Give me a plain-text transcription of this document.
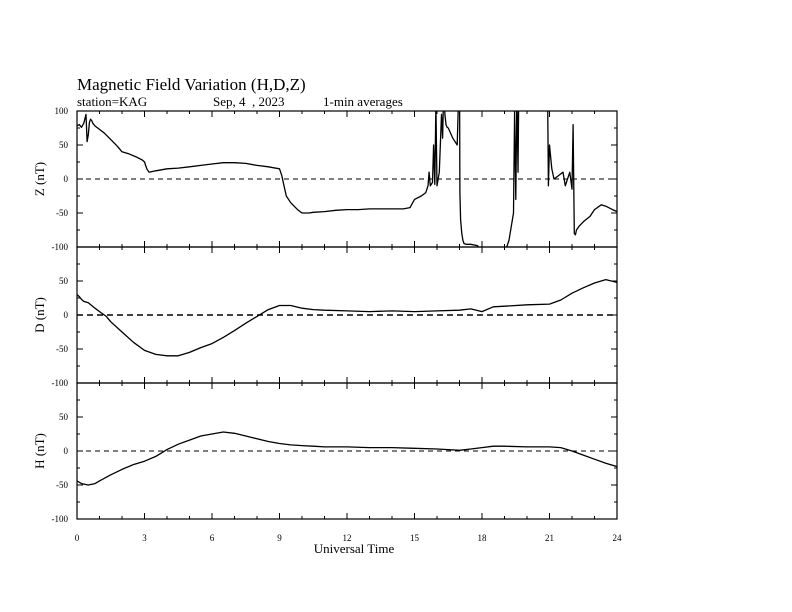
Magnetic Field Variation (H,D,Z)
station=KAG	Sep, 4  , 2023	1-min averages
100
50
0
-50
-100
Z (nT)
50
0
-50
-100
D (nT)
50
0
-50
-100
H (nT)
0	3	6	9	12	15	18	21	24
Universal Time
